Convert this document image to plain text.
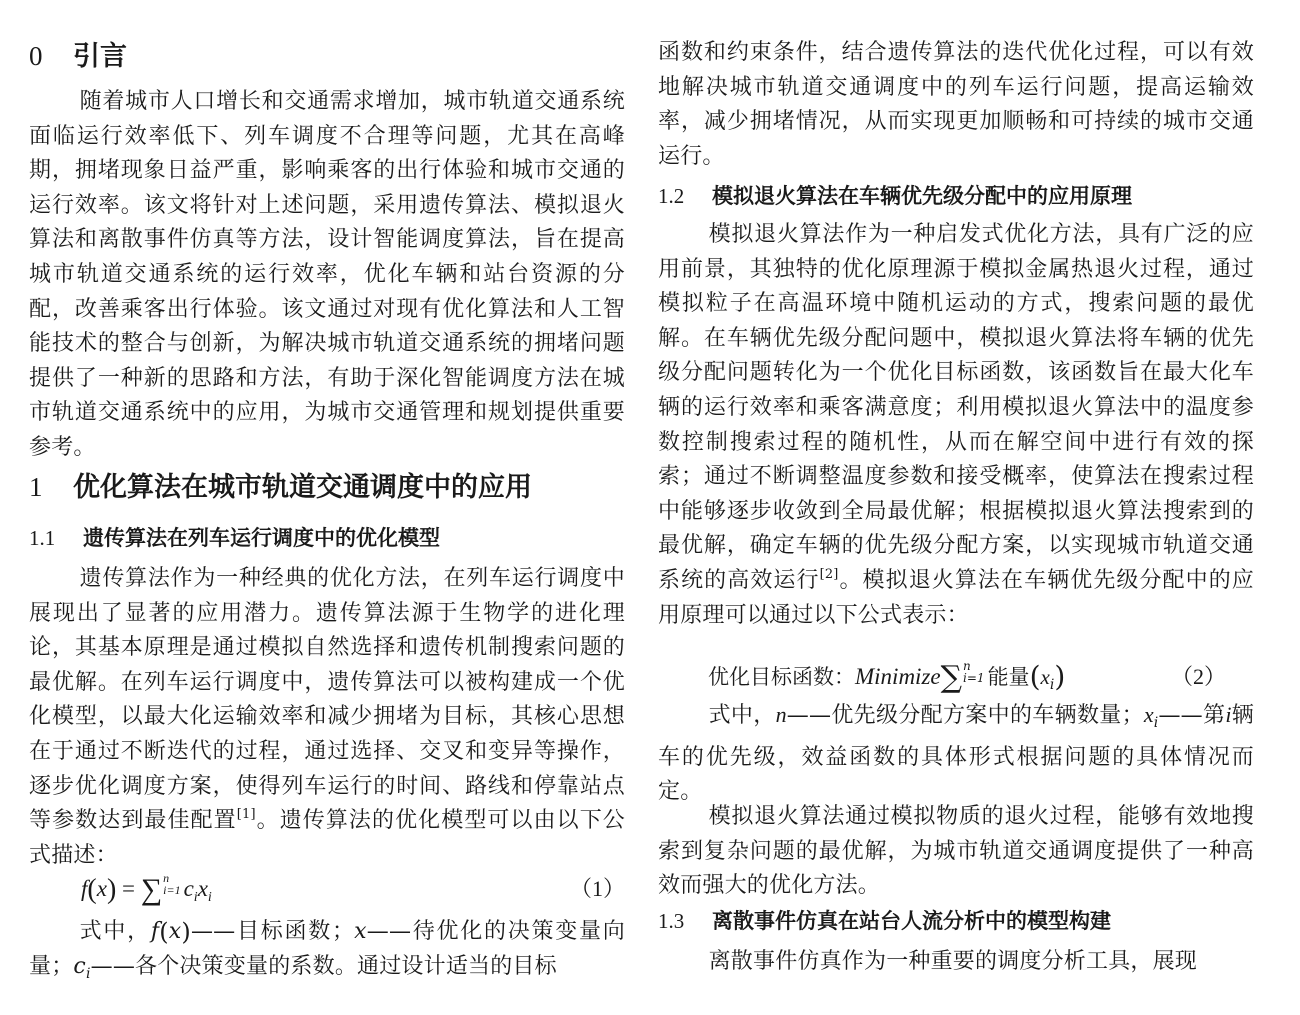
0 引言

随着城市人口增长和交通需求增加，城市轨道交通系统面临运行效率低下、列车调度不合理等问题，尤其在高峰期，拥堵现象日益严重，影响乘客的出行体验和城市交通的运行效率。该文将针对上述问题，采用遗传算法、模拟退火算法和离散事件仿真等方法，设计智能调度算法，旨在提高城市轨道交通系统的运行效率，优化车辆和站台资源的分配，改善乘客出行体验。该文通过对现有优化算法和人工智能技术的整合与创新，为解决城市轨道交通系统的拥堵问题提供了一种新的思路和方法，有助于深化智能调度方法在城市轨道交通系统中的应用，为城市交通管理和规划提供重要参考。

1 优化算法在城市轨道交通调度中的应用
1.1 遗传算法在列车运行调度中的优化模型

遗传算法作为一种经典的优化方法，在列车运行调度中展现出了显著的应用潜力。遗传算法源于生物学的进化理论，其基本原理是通过模拟自然选择和遗传机制搜索问题的最优解。在列车运行调度中，遗传算法可以被构建成一个优化模型，以最大化运输效率和减少拥堵为目标，其核心思想在于通过不断迭代的过程，通过选择、交叉和变异等操作，逐步优化调度方案，使得列车运行的时间、路线和停靠站点等参数达到最佳配置[1]。遗传算法的优化模型可以由以下公式描述：

f(x) = ∑ n
i=1 $c_ix_i$	（1）

式中，f(x)——目标函数；x——待优化的决策变量向量；$c_i——$各个决策变量的系数。通过设计适当的目标

函数和约束条件，结合遗传算法的迭代优化过程，可以有效地解决城市轨道交通调度中的列车运行问题，提高运输效率，减少拥堵情况，从而实现更加顺畅和可持续的城市交通运行。

1.2 模拟退火算法在车辆优先级分配中的应用原理

模拟退火算法作为一种启发式优化方法，具有广泛的应用前景，其独特的优化原理源于模拟金属热退火过程，通过模拟粒子在高温环境中随机运动的方式，搜索问题的最优解。在车辆优先级分配问题中，模拟退火算法将车辆的优先级分配问题转化为一个优化目标函数，该函数旨在最大化车辆的运行效率和乘客满意度；利用模拟退火算法中的温度参数控制搜索过程的随机性，从而在解空间中进行有效的探索；通过不断调整温度参数和接受概率，使算法在搜索过程中能够逐步收敛到全局最优解；根据模拟退火算法搜索到的最优解，确定车辆的优先级分配方案，以实现城市轨道交通系统的高效运行[2]。模拟退火算法在车辆优先级分配中的应用原理可以通过以下公式表示：

优化目标函数：Minimize∑ n
i=1 能量$(x_i)$	（2）

式中，n——优先级分配方案中的车辆数量；$x_i——$第i辆车的优先级，效益函数的具体形式根据问题的具体情况而定。

模拟退火算法通过模拟物质的退火过程，能够有效地搜索到复杂问题的最优解，为城市轨道交通调度提供了一种高效而强大的优化方法。

1.3 离散事件仿真在站台人流分析中的模型构建

离散事件仿真作为一种重要的调度分析工具，展现
